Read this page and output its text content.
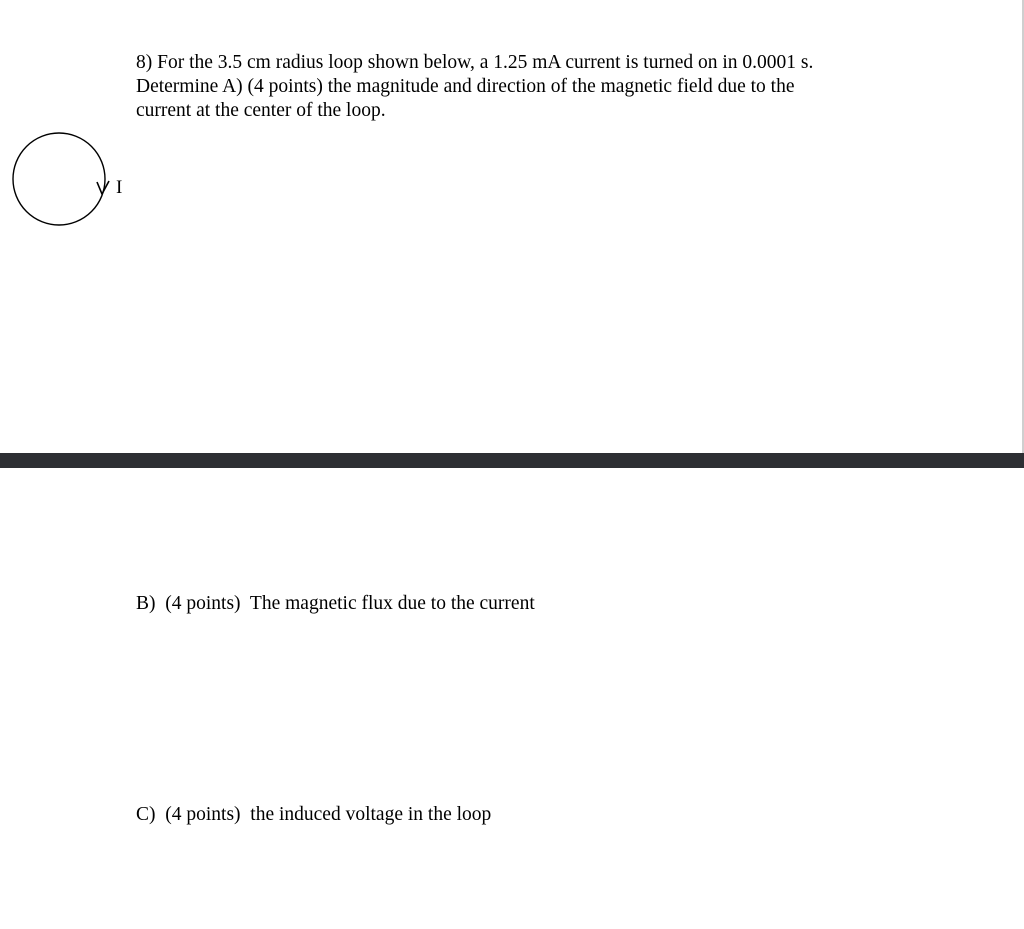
8) For the 3.5 cm radius loop shown below, a 1.25 mA current is turned on in 0.0001 s.
Determine A) (4 points) the magnitude and direction of the magnetic field due to the
current at the center of the loop.

I

B)  (4 points)  The magnetic flux due to the current

C)  (4 points)  the induced voltage in the loop
